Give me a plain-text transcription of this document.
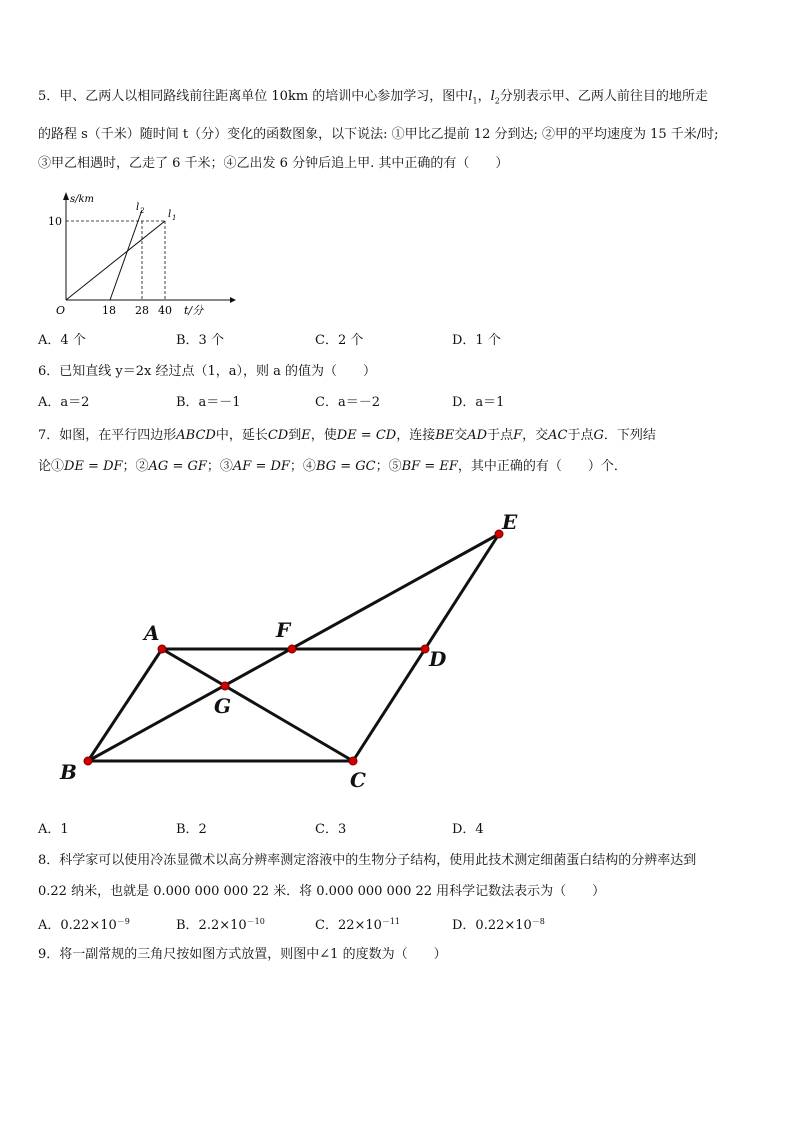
5．甲、乙两人以相同路线前往距离单位 10km 的培训中心参加学习，图中$l_1$，$l_2$分别表示甲、乙两人前往目的地所走
的路程 s（千米）随时间 t（分）变化的函数图象，以下说法: ①甲比乙提前 12 分到达; ②甲的平均速度为 15 千米/时;
③甲乙相遇时，乙走了 6 千米；④乙出发 6 分钟后追上甲. 其中正确的有（　　）
s/km
10
O	18 28 40 t/分
l 2 l 1
A．4 个	B．3 个	C．2 个	D．1 个
6．已知直线 y＝2x 经过点（1，a），则 a 的值为（　　）
A．a＝2	B．a＝－1	C．a＝－2	D．a＝1
7．如图，在平行四边形ABCD中，延长CD到E，使DE = CD，连接BE交AD于点F，交AC于点G．下列结
论①DE = DF；②AG = GF；③AF = DF；④BG = GC；⑤BF = EF，其中正确的有（　　）个．
A
B	C
D
E
F
G
A．1	B．2	C．3	D．4
8．科学家可以使用冷冻显微术以高分辨率测定溶液中的生物分子结构，使用此技术测定细菌蛋白结构的分辨率达到
0.22 纳米，也就是 0.000 000 000 22 米．将 0.000 000 000 22 用科学记数法表示为（　　）
A．$0.22\times 10^{-9}$	B．$2.2\times 10^{-10}$	C．$22\times 10^{-11}$	D．$0.22\times 10^{-8}$
9．将一副常规的三角尺按如图方式放置，则图中∠1 的度数为（　　）
